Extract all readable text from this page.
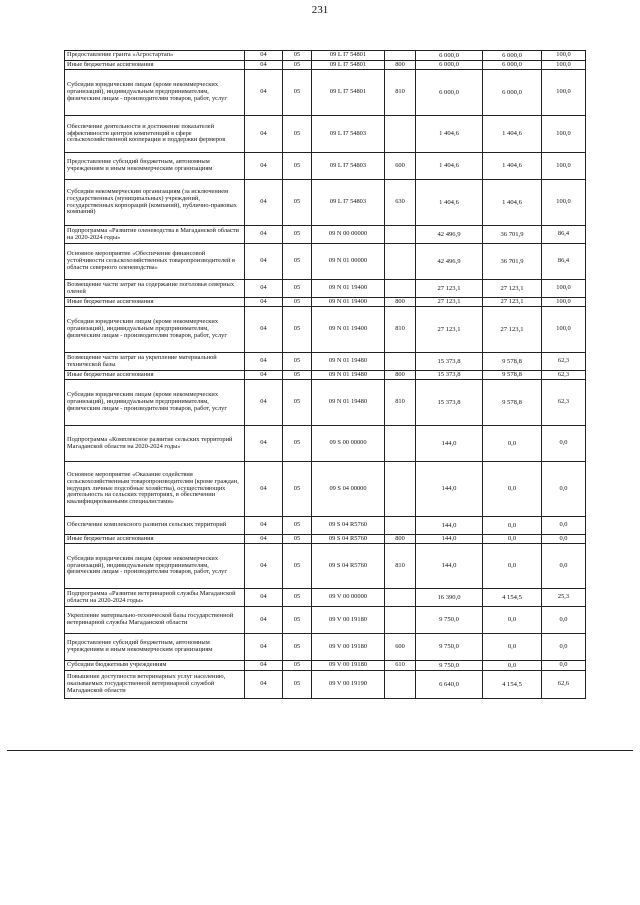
231
Предоставление гранта «Агростартап»	04	05	09 L I7 54801		6 000,0	6 000,0	100,0
Иные бюджетные ассигнования	04	05	09 L I7 54801	800	6 000,0	6 000,0	100,0
Субсидии юридическим лицам (кроме некоммерческих организаций), индивидуальным предпринимателям, физическим лицам - производителям товаров, работ, услуг	04	05	09 L I7 54801	810	6 000,0	6 000,0	100,0
Обеспечение деятельности и достижение показателей эффективности центров компетенций в сфере сельскохозяйственной кооперации и поддержки фермеров	04	05	09 L I7 54803		1 404,6	1 404,6	100,0
Предоставление субсидий бюджетным, автономным учреждениям и иным некоммерческим организациям	04	05	09 L I7 54803	600	1 404,6	1 404,6	100,0
Субсидии некоммерческим организациям (за исключением государственных (муниципальных) учреждений, государственных корпораций (компаний), публично-правовых компаний)	04	05	09 L I7 54803	630	1 404,6	1 404,6	100,0
Подпрограмма «Развитие оленеводства в Магаданской области на 2020-2024 годы»	04	05	09 N 00 00000		42 496,9	36 701,9	86,4
Основное мероприятие «Обеспечение финансовой устойчивости сельскохозяйственных товаропроизводителей в области северного оленеводства»	04	05	09 N 01 00000		42 496,9	36 701,9	86,4
Возмещение части затрат на содержание поголовья северных оленей	04	05	09 N 01 19400		27 123,1	27 123,1	100,0
Иные бюджетные ассигнования	04	05	09 N 01 19400	800	27 123,1	27 123,1	100,0
Субсидии юридическим лицам (кроме некоммерческих организаций), индивидуальным предпринимателям, физическим лицам - производителям товаров, работ, услуг	04	05	09 N 01 19400	810	27 123,1	27 123,1	100,0
Возмещение части затрат на укрепление материальной технической базы	04	05	09 N 01 19480		15 373,8	9 578,8	62,3
Иные бюджетные ассигнования	04	05	09 N 01 19480	800	15 373,8	9 578,8	62,3
Субсидии юридическим лицам (кроме некоммерческих организаций), индивидуальным предпринимателям, физическим лицам - производителям товаров, работ, услуг	04	05	09 N 01 19480	810	15 373,8	9 578,8	62,3
Подпрограмма «Комплексное развитие сельских территорий Магаданской области на 2020-2024 годы»	04	05	09 S 00 00000		144,0	0,0	0,0
Основное мероприятие «Оказание содействия сельскохозяйственным товаропроизводителям (кроме граждан, ведущих личные подсобные хозяйства), осуществляющих деятельность на сельских территориях, в обеспечении квалифицированными специалистами»	04	05	09 S 04 00000		144,0	0,0	0,0
Обеспечение комплексного развития сельских территорий	04	05	09 S 04 R5760		144,0	0,0	0,0
Иные бюджетные ассигнования	04	05	09 S 04 R5760	800	144,0	0,0	0,0
Субсидии юридическим лицам (кроме некоммерческих организаций), индивидуальным предпринимателям, физическим лицам - производителям товаров, работ, услуг	04	05	09 S 04 R5760	810	144,0	0,0	0,0
Подпрограмма «Развитие ветеринарной службы Магаданской области на 2020-2024 годы»	04	05	09 V 00 00000		16 390,0	4 154,5	25,3
Укрепление материально-технической базы государственной ветеринарной службы Магаданской области	04	05	09 V 00 19180		9 750,0	0,0	0,0
Предоставление субсидий бюджетным, автономным учреждениям и иным некоммерческим организациям	04	05	09 V 00 19180	600	9 750,0	0,0	0,0
Субсидии бюджетным учреждениям	04	05	09 V 00 19180	610	9 750,0	0,0	0,0
Повышение доступности ветеринарных услуг населению, оказываемых государственной ветеринарной службой Магаданской области	04	05	09 V 00 19190		6 640,0	4 154,5	62,6
